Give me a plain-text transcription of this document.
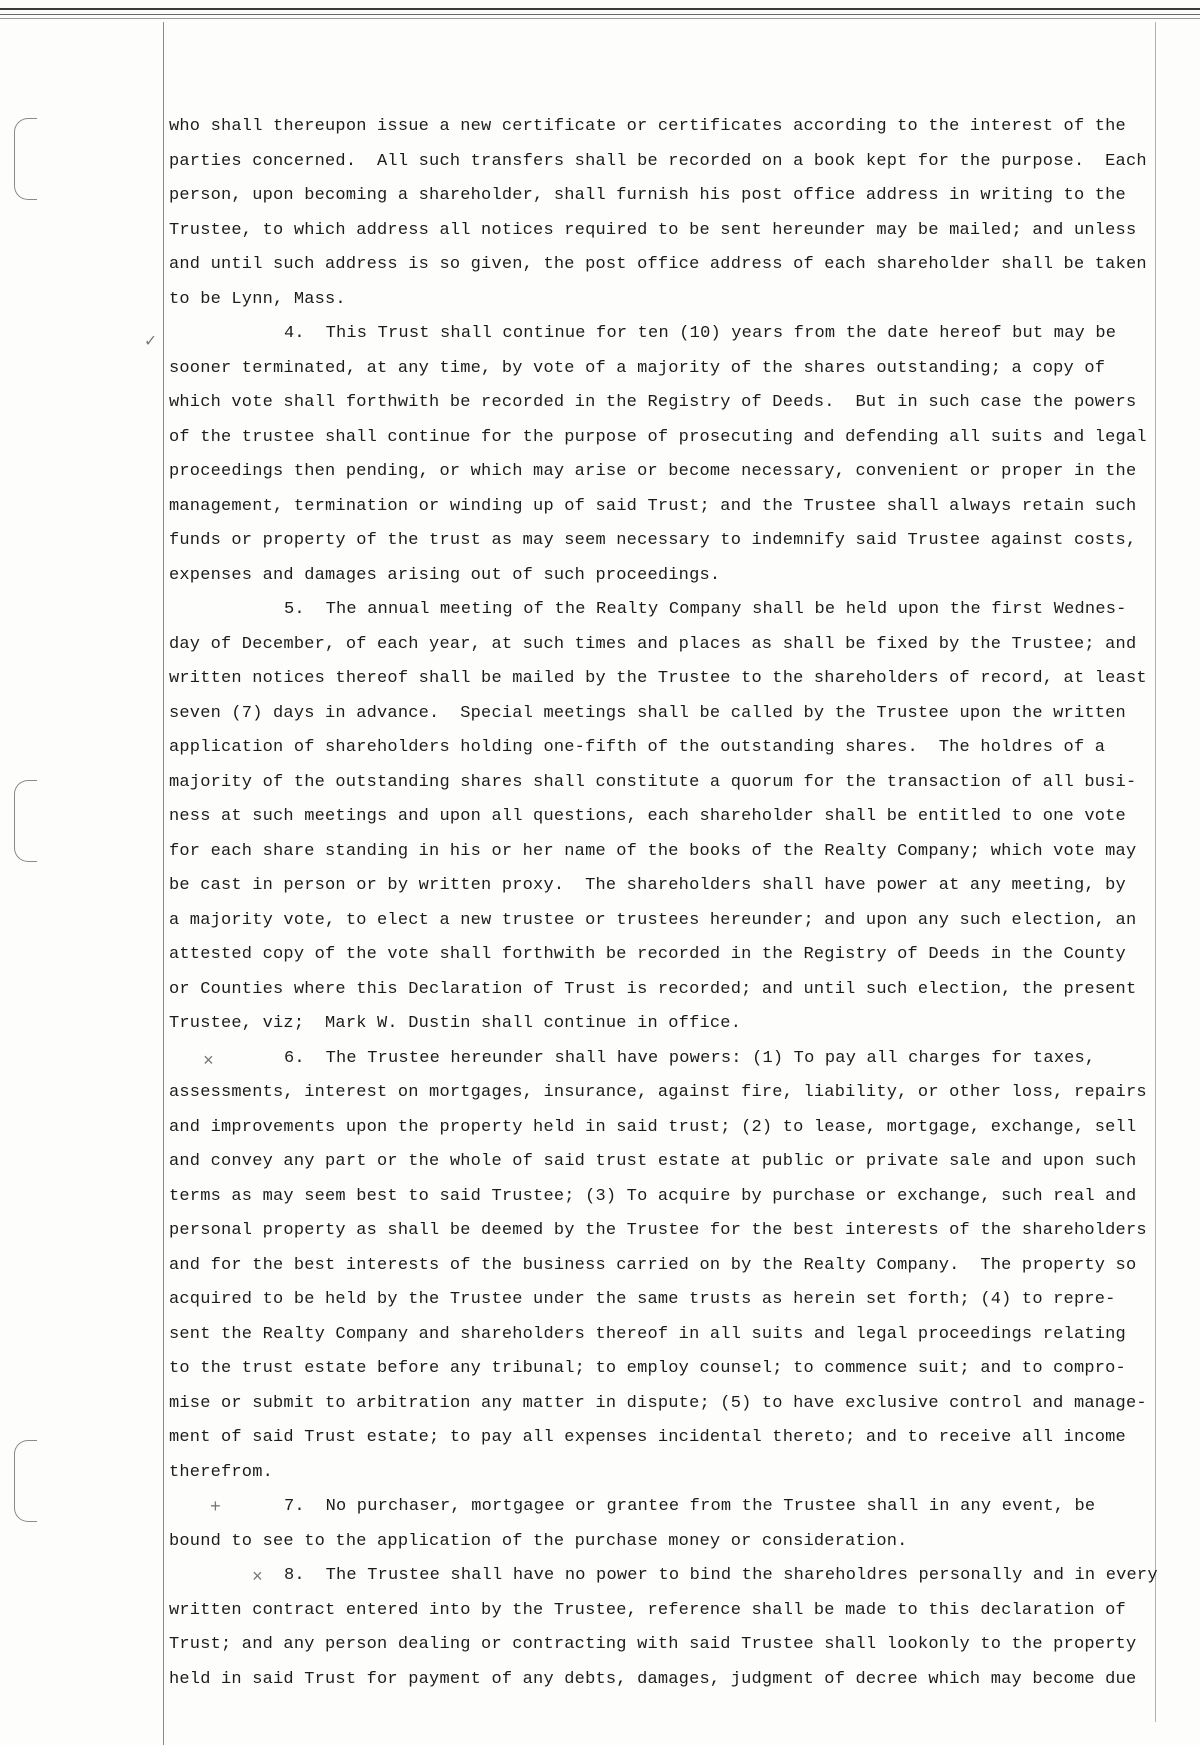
✓
×
+
×
who shall thereupon issue a new certificate or certificates according to the interest of the
parties concerned.  All such transfers shall be recorded on a book kept for the purpose.  Each
person, upon becoming a shareholder, shall furnish his post office address in writing to the
Trustee, to which address all notices required to be sent hereunder may be mailed; and unless
and until such address is so given, the post office address of each shareholder shall be taken
to be Lynn, Mass.
4.  This Trust shall continue for ten (10) years from the date hereof but may be
sooner terminated, at any time, by vote of a majority of the shares outstanding; a copy of
which vote shall forthwith be recorded in the Registry of Deeds.  But in such case the powers
of the trustee shall continue for the purpose of prosecuting and defending all suits and legal
proceedings then pending, or which may arise or become necessary, convenient or proper in the
management, termination or winding up of said Trust; and the Trustee shall always retain such
funds or property of the trust as may seem necessary to indemnify said Trustee against costs,
expenses and damages arising out of such proceedings.
5.  The annual meeting of the Realty Company shall be held upon the first Wednes-
day of December, of each year, at such times and places as shall be fixed by the Trustee; and
written notices thereof shall be mailed by the Trustee to the shareholders of record, at least
seven (7) days in advance.  Special meetings shall be called by the Trustee upon the written
application of shareholders holding one-fifth of the outstanding shares.  The holdres of a
majority of the outstanding shares shall constitute a quorum for the transaction of all busi-
ness at such meetings and upon all questions, each shareholder shall be entitled to one vote
for each share standing in his or her name of the books of the Realty Company; which vote may
be cast in person or by written proxy.  The shareholders shall have power at any meeting, by
a majority vote, to elect a new trustee or trustees hereunder; and upon any such election, an
attested copy of the vote shall forthwith be recorded in the Registry of Deeds in the County
or Counties where this Declaration of Trust is recorded; and until such election, the present
Trustee, viz;  Mark W. Dustin shall continue in office.
6.  The Trustee hereunder shall have powers: (1) To pay all charges for taxes,
assessments, interest on mortgages, insurance, against fire, liability, or other loss, repairs
and improvements upon the property held in said trust; (2) to lease, mortgage, exchange, sell
and convey any part or the whole of said trust estate at public or private sale and upon such
terms as may seem best to said Trustee; (3) To acquire by purchase or exchange, such real and
personal property as shall be deemed by the Trustee for the best interests of the shareholders
and for the best interests of the business carried on by the Realty Company.  The property so
acquired to be held by the Trustee under the same trusts as herein set forth; (4) to repre-
sent the Realty Company and shareholders thereof in all suits and legal proceedings relating
to the trust estate before any tribunal; to employ counsel; to commence suit; and to compro-
mise or submit to arbitration any matter in dispute; (5) to have exclusive control and manage-
ment of said Trust estate; to pay all expenses incidental thereto; and to receive all income
therefrom.
7.  No purchaser, mortgagee or grantee from the Trustee shall in any event, be
bound to see to the application of the purchase money or consideration.
8.  The Trustee shall have no power to bind the shareholdres personally and in every
written contract entered into by the Trustee, reference shall be made to this declaration of
Trust; and any person dealing or contracting with said Trustee shall lookonly to the property
held in said Trust for payment of any debts, damages, judgment of decree which may become due
